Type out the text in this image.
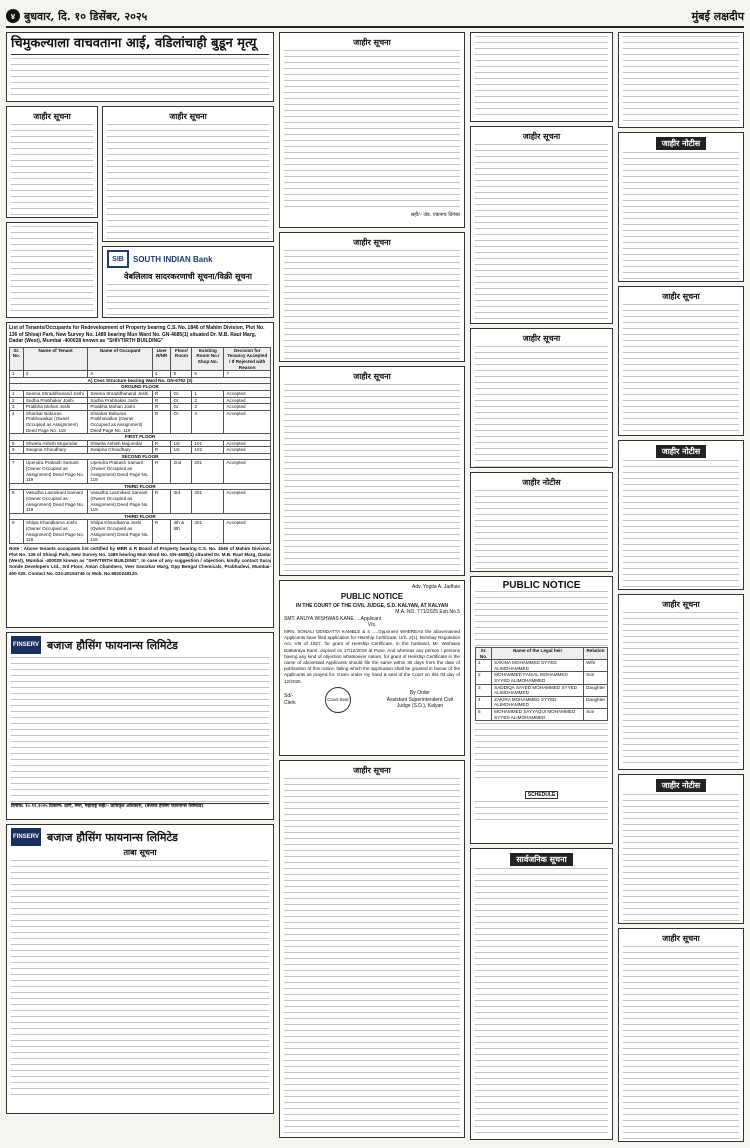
४ बुधवार, दि. १० डिसेंबर, २०२५	मुंबई लक्षदीप
चिमुकल्याला वाचवताना आई, वडिलांचाही बुडून मृत्यू
जाहीर सूचना	जाहीर सूचना
SIB	SOUTH INDIAN Bank
वेबलिलाव सादरकरणाची सूचना/विक्री सूचना
List of Tenants/Occupants for Redevelopment of Property bearing C.S. No. 1846 of Mahim Division, Plot No. 136 of Shivaji Park, New Survey No. 1489 bearing Mun Ward No. GN-4685(1) situated Dr. M.B. Raut Marg, Dadar (West), Mumbai -400028 known as "SHIVTIRTH BUILDING"
Sr. No.	Name of Tenant	Name of Occupant	User R/NR	Floor/ Room	Existing Room No./ Shop No.	Decision for Tenancy Accepted / If Rejected with Reason
1	2	3	4	5	6	7
A) Cess Structure bearing Ward No. GN-6752 (3)						
GROUND FLOOR						
1	Seema Shraddhanand Joshi	Seema Shraddhanand Joshi	R	Gr.	1	Accepted
2	Sudha Prabhakar Joshi	Sudha Prabhakar Joshi	R	Gr.	2	Accepted
3	Pratibha Mohan Joshi	Pratibha Mohan Joshi	R	Gr.	3	Accepted
4	Shankar Baburao Prabhavalkar (Owner Occupied as Assignment) Deed Page No. 119	Shankar Baburao Prabhavalkar (Owner Occupied as Assignment) Deed Page No. 119	R	Gr.	4	Accepted
FIRST FLOOR						
5	Shweta Ashish Mujumdar	Shweta Ashish Mujumdar	R	1st	101	Accepted
6	Swapna Choudhary	Swapna Choudhary	R	1st	102	Accepted
SECOND FLOOR						
7	Upendra Prakash Samant (Owner Occupied as Assignment) Deed Page No. 119	Upendra Prakash Samant (Owner Occupied as Assignment) Deed Page No. 119	R	2nd	201	Accepted
THIRD FLOOR						
8	Vasudha Laxmikant Samant (Owner Occupied as Assignment) Deed Page No. 119	Vasudha Laxmikant Samant (Owner Occupied as Assignment) Deed Page No. 119	R	3rd	301	Accepted
THIRD FLOOR						
9	Shilpa Khandkarna Joshi (Owner Occupied as Assignment) Deed Page No. 119	Shilpa Khandkarna Joshi (Owner Occupied as Assignment) Deed Page No. 119	R	4th & 5th	401	Accepted
Note : Above tenants occupants list certified by MBR & R Board of Property bearing C.S. No. 1846 of Mahim Division, Plot No. 136 of Shivaji Park, New Survey No. 1489 bearing Mun Ward No. GN-4685(1) situated Dr. M.B. Raut Marg, Dadar (West), Mumbai -400028 known as "SHIVTIRTH BUILDING". In case of any suggestion / objection, kindly contact Suraj Sonde Developers Ltd., 3rd Floor, Aman Chambers, Veer Savarkar Marg, Opp Bengal Chemicals, Prabhadevi, Mumbai-400 025. Contact No. 022-40154746 or Mob. No.9920249120.
FINSERV बजाज हौसिंग फायनान्स लिमिटेड
दिनांक: १०.१२.२०२५ ठिकाण: ठाणे, मिरा, महाराष्ट्र सही/- प्राधिकृत अधिकारी, (बजाज हौसिंग फायनान्स लिमिटेड)
FINSERV बजाज हौसिंग फायनान्स लिमिटेड
ताबा सूचना
जाहीर सूचना
सही/- ॲड. एकनाथ दिगंबर
जाहीर सूचना
जाहीर सूचना
Adv. Yogita A. Jadhav
PUBLIC NOTICE
IN THE COURT OF THE CIVIL JUDGE, S.D. KALYAN, AT KALYAN
M.A. NO. 771/2025 Exh.No.5
SMT. ANUYA WISHWAS KANE ....Applicant
V/s.
MRS. SONALI DENDATTA KAMBLE & 4 .....Opponent WHEREAS the abovenamed Applicants have filed application for Heirship Certificate, U/S. 2(1), Bombay Regulation Act, VIII of 1827, for grant of Heirship Certificate, in the husband, Mr. Wishwas Dattatraya Kane, expired on 17/12/2019 at Pune. And whereas any person / persons having any kind of objection whatsoever nature, for grant of Heirship Certificate in the name of abovesaid Applicants should file the same within 30 days from the date of publication of this notice, failing which the application shall be granted in favour of the Applicants as prayed for. Given under my hand & seal of the Court on this 03 day of 12/2025.
Sd/-
Clerk	Court Seal
By Order
Assistant Superintendent Civil Judge (S.D.), Kalyan
जाहीर सूचना
जाहीर सूचना
जाहीर सूचना
जाहीर नोटीस
PUBLIC NOTICE
Sr. No.	Name of the Legal heir	Relation
1	SAKINA MOHAMMED SYYED ALIMOHAMMED	Wife
2	MOHAMMED FAISAL MOHAMMED SYYED ALIMOHAMMED	Son
3	SADDIQA SAYED MOHAMMED SYYED ALIMOHAMMED	Daughter
4	ZAKIRA MOHAMMED SYYED ALIMOHAMMED	Daughter
5	MOHAMMED SAYYAQUI MOHAMMED SYYED ALIMOHAMMED	Son
SCHEDULE
सार्वजनिक सूचना
जाहीर नोटीस
जाहीर सूचना
जाहीर नोटीस
जाहीर सूचना
जाहीर नोटीस
जाहीर सूचना
